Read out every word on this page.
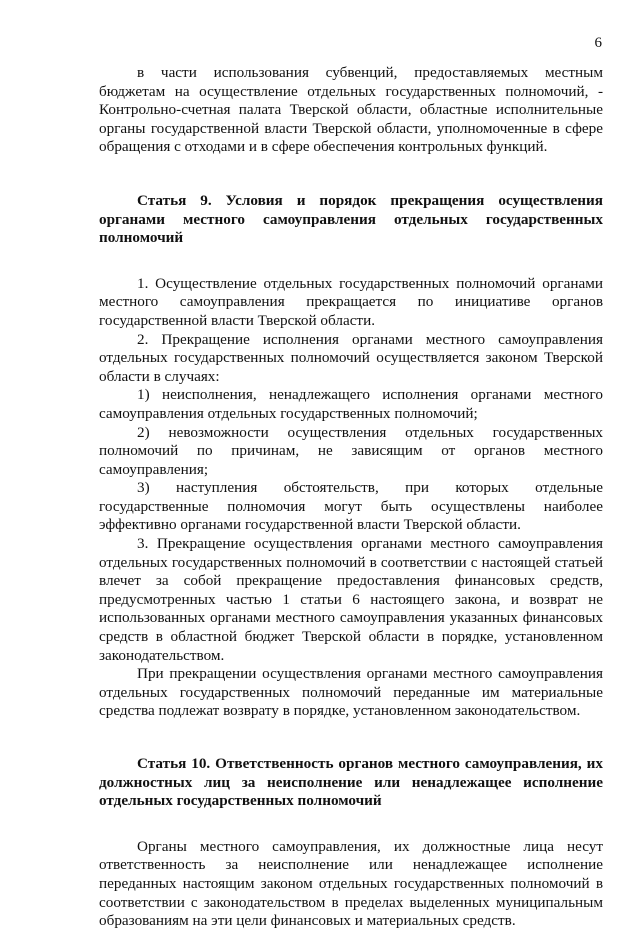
6

в части использования субвенций, предоставляемых местным бюджетам на осуществление отдельных государственных полномочий, - Контрольно-счетная палата Тверской области, областные исполнительные органы государственной власти Тверской области, уполномоченные в сфере обращения с отходами и в сфере обеспечения контрольных функций.

Статья 9. Условия и порядок прекращения осуществления органами местного самоуправления отдельных государственных полномочий

1. Осуществление отдельных государственных полномочий органами местного самоуправления прекращается по инициативе органов государственной власти Тверской области.

2. Прекращение исполнения органами местного самоуправления отдельных государственных полномочий осуществляется законом Тверской области в случаях:

1) неисполнения, ненадлежащего исполнения органами местного самоуправления отдельных государственных полномочий;

2) невозможности осуществления отдельных государственных полномочий по причинам, не зависящим от органов местного самоуправления;

3) наступления обстоятельств, при которых отдельные государственные полномочия могут быть осуществлены наиболее эффективно органами государственной власти Тверской области.

3. Прекращение осуществления органами местного самоуправления отдельных государственных полномочий в соответствии с настоящей статьей влечет за собой прекращение предоставления финансовых средств, предусмотренных частью 1 статьи 6 настоящего закона, и возврат не использованных органами местного самоуправления указанных финансовых средств в областной бюджет Тверской области в порядке, установленном законодательством.

При прекращении осуществления органами местного самоуправления отдельных государственных полномочий переданные им материальные средства подлежат возврату в порядке, установленном законодательством.

Статья 10. Ответственность органов местного самоуправления, их должностных лиц за неисполнение или ненадлежащее исполнение отдельных государственных полномочий

Органы местного самоуправления, их должностные лица несут ответственность за неисполнение или ненадлежащее исполнение переданных настоящим законом отдельных государственных полномочий в соответствии с законодательством в пределах выделенных муниципальным образованиям на эти цели финансовых и материальных средств.
